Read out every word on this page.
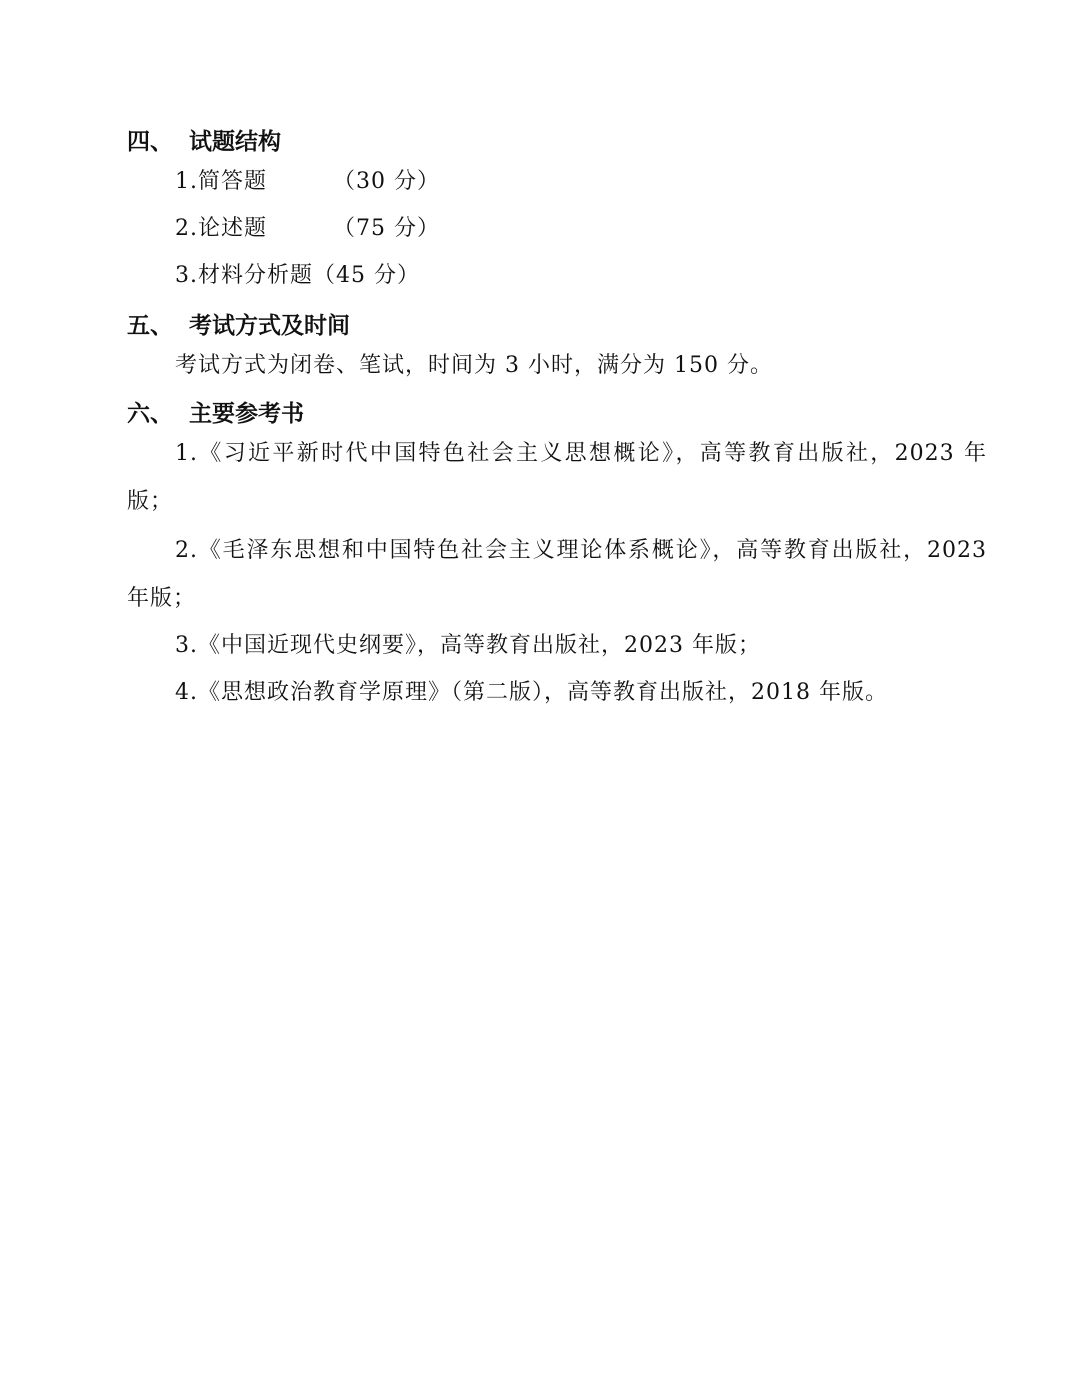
四、 试题结构
1.简答题	（30 分）
2.论述题	（75 分）
3.材料分析题（45 分）
五、 考试方式及时间
考试方式为闭卷、笔试，时间为 3 小时，满分为 150 分。
六、 主要参考书
1.《习近平新时代中国特色社会主义思想概论》，高等教育出版社，2023 年版；
2.《毛泽东思想和中国特色社会主义理论体系概论》，高等教育出版社，2023 年版；
3.《中国近现代史纲要》，高等教育出版社，2023 年版；
4.《思想政治教育学原理》（第二版），高等教育出版社，2018 年版。
